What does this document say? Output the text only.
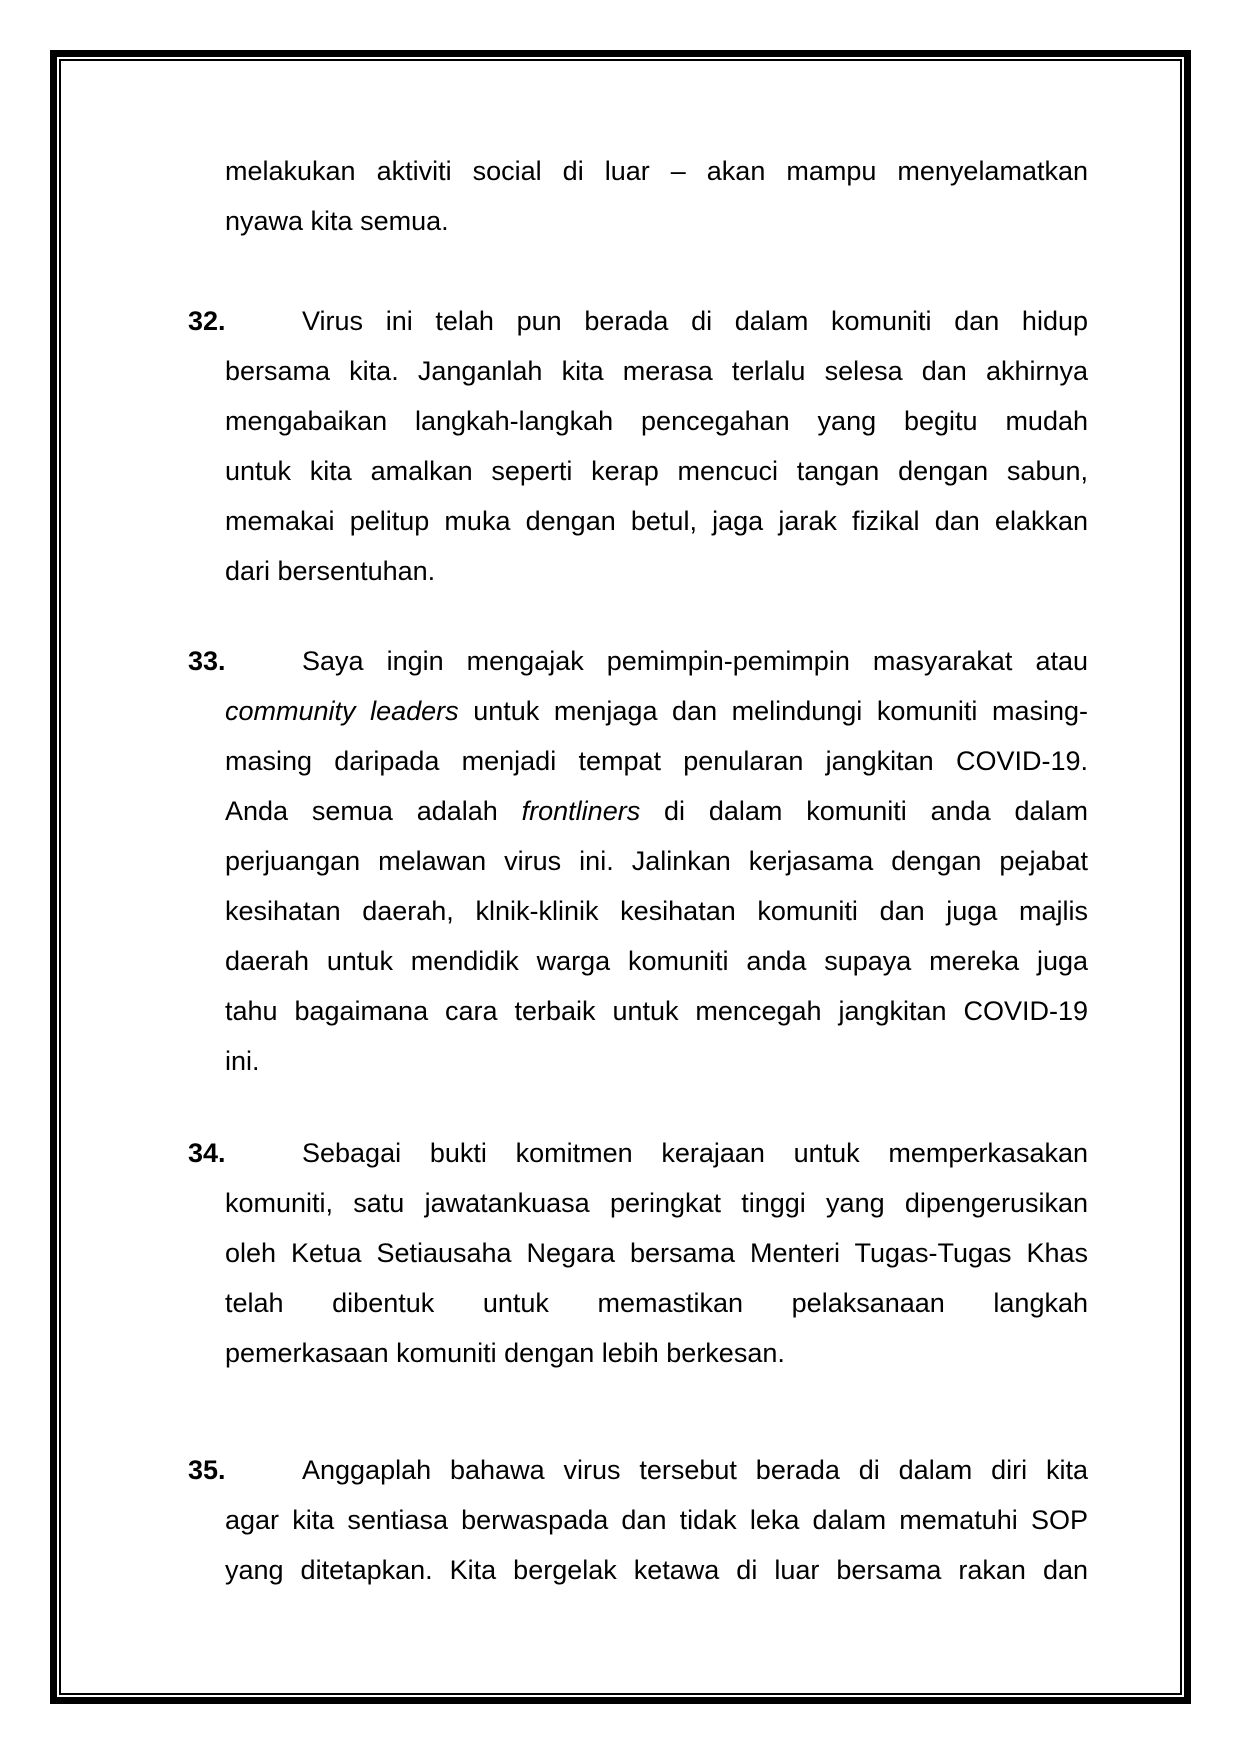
melakukan aktiviti social di luar – akan mampu menyelamatkan
nyawa kita semua.
32.	Virus ini telah pun berada di dalam komuniti dan hidup
bersama kita. Janganlah kita merasa terlalu selesa dan akhirnya
mengabaikan langkah-langkah pencegahan yang begitu mudah
untuk kita amalkan seperti kerap mencuci tangan dengan sabun,
memakai pelitup muka dengan betul, jaga jarak fizikal dan elakkan
dari bersentuhan.
33.	Saya ingin mengajak pemimpin-pemimpin masyarakat atau
community leaders untuk menjaga dan melindungi komuniti masing-
masing daripada menjadi tempat penularan jangkitan COVID-19.
Anda semua adalah frontliners di dalam komuniti anda dalam
perjuangan melawan virus ini. Jalinkan kerjasama dengan pejabat
kesihatan daerah, klnik-klinik kesihatan komuniti dan juga majlis
daerah untuk mendidik warga komuniti anda supaya mereka juga
tahu bagaimana cara terbaik untuk mencegah jangkitan COVID-19
ini.
34.	Sebagai bukti komitmen kerajaan untuk memperkasakan
komuniti, satu jawatankuasa peringkat tinggi yang dipengerusikan
oleh Ketua Setiausaha Negara bersama Menteri Tugas-Tugas Khas
telah dibentuk untuk memastikan pelaksanaan langkah
pemerkasaan komuniti dengan lebih berkesan.
35.	Anggaplah bahawa virus tersebut berada di dalam diri kita
agar kita sentiasa berwaspada dan tidak leka dalam mematuhi SOP
yang ditetapkan. Kita bergelak ketawa di luar bersama rakan dan
